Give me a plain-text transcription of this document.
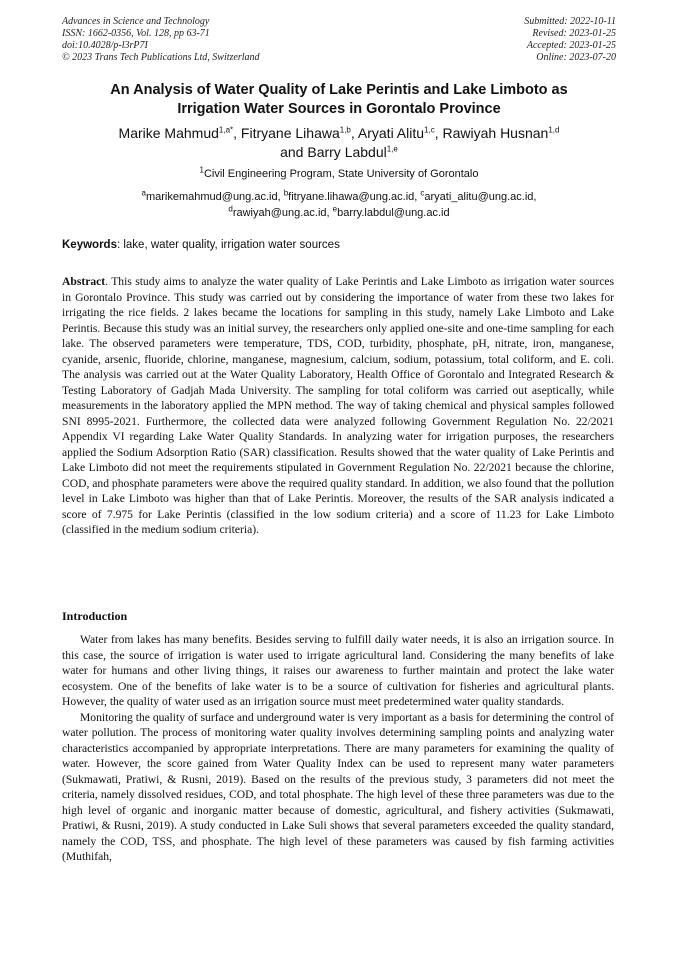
Advances in Science and Technology
ISSN: 1662-0356, Vol. 128, pp 63-71
doi:10.4028/p-l3rP7I
© 2023 Trans Tech Publications Ltd, Switzerland
Submitted: 2022-10-11
Revised: 2023-01-25
Accepted: 2023-01-25
Online: 2023-07-20
An Analysis of Water Quality of Lake Perintis and Lake Limboto as
Irrigation Water Sources in Gorontalo Province
Marike Mahmud$^{1,a*}$, Fitryane Lihawa$^{1,b}$, Aryati Alitu$^{1,c}$, Rawiyah Husnan$^{1,d}$
and Barry Labdul$^{1,e}$
$^1$Civil Engineering Program, State University of Gorontalo
$^a$marikemahmud@ung.ac.id, $^b$fitryane.lihawa@ung.ac.id, $^c$aryati_alitu@ung.ac.id,
$^d$rawiyah@ung.ac.id, $^e$barry.labdul@ung.ac.id
Keywords: lake, water quality, irrigation water sources
Abstract. This study aims to analyze the water quality of Lake Perintis and Lake Limboto as irrigation water sources in Gorontalo Province. This study was carried out by considering the importance of water from these two lakes for irrigating the rice fields. 2 lakes became the locations for sampling in this study, namely Lake Limboto and Lake Perintis. Because this study was an initial survey, the researchers only applied one-site and one-time sampling for each lake. The observed parameters were temperature, TDS, COD, turbidity, phosphate, pH, nitrate, iron, manganese, cyanide, arsenic, fluoride, chlorine, manganese, magnesium, calcium, sodium, potassium, total coliform, and E. coli. The analysis was carried out at the Water Quality Laboratory, Health Office of Gorontalo and Integrated Research & Testing Laboratory of Gadjah Mada University. The sampling for total coliform was carried out aseptically, while measurements in the laboratory applied the MPN method. The way of taking chemical and physical samples followed SNI 8995-2021. Furthermore, the collected data were analyzed following Government Regulation No. 22/2021 Appendix VI regarding Lake Water Quality Standards. In analyzing water for irrigation purposes, the researchers applied the Sodium Adsorption Ratio (SAR) classification. Results showed that the water quality of Lake Perintis and Lake Limboto did not meet the requirements stipulated in Government Regulation No. 22/2021 because the chlorine, COD, and phosphate parameters were above the required quality standard. In addition, we also found that the pollution level in Lake Limboto was higher than that of Lake Perintis. Moreover, the results of the SAR analysis indicated a score of 7.975 for Lake Perintis (classified in the low sodium criteria) and a score of 11.23 for Lake Limboto (classified in the medium sodium criteria).
Introduction

Water from lakes has many benefits. Besides serving to fulfill daily water needs, it is also an irrigation source. In this case, the source of irrigation is water used to irrigate agricultural land. Considering the many benefits of lake water for humans and other living things, it raises our awareness to further maintain and protect the lake water ecosystem. One of the benefits of lake water is to be a source of cultivation for fisheries and agricultural plants. However, the quality of water used as an irrigation source must meet predetermined water quality standards.

Monitoring the quality of surface and underground water is very important as a basis for determining the control of water pollution. The process of monitoring water quality involves determining sampling points and analyzing water characteristics accompanied by appropriate interpretations. There are many parameters for examining the quality of water. However, the score gained from Water Quality Index can be used to represent many water parameters (Sukmawati, Pratiwi, & Rusni, 2019). Based on the results of the previous study, 3 parameters did not meet the criteria, namely dissolved residues, COD, and total phosphate. The high level of these three parameters was due to the high level of organic and inorganic matter because of domestic, agricultural, and fishery activities (Sukmawati, Pratiwi, & Rusni, 2019). A study conducted in Lake Suli shows that several parameters exceeded the quality standard, namely the COD, TSS, and phosphate. The high level of these parameters was caused by fish farming activities (Muthifah,
